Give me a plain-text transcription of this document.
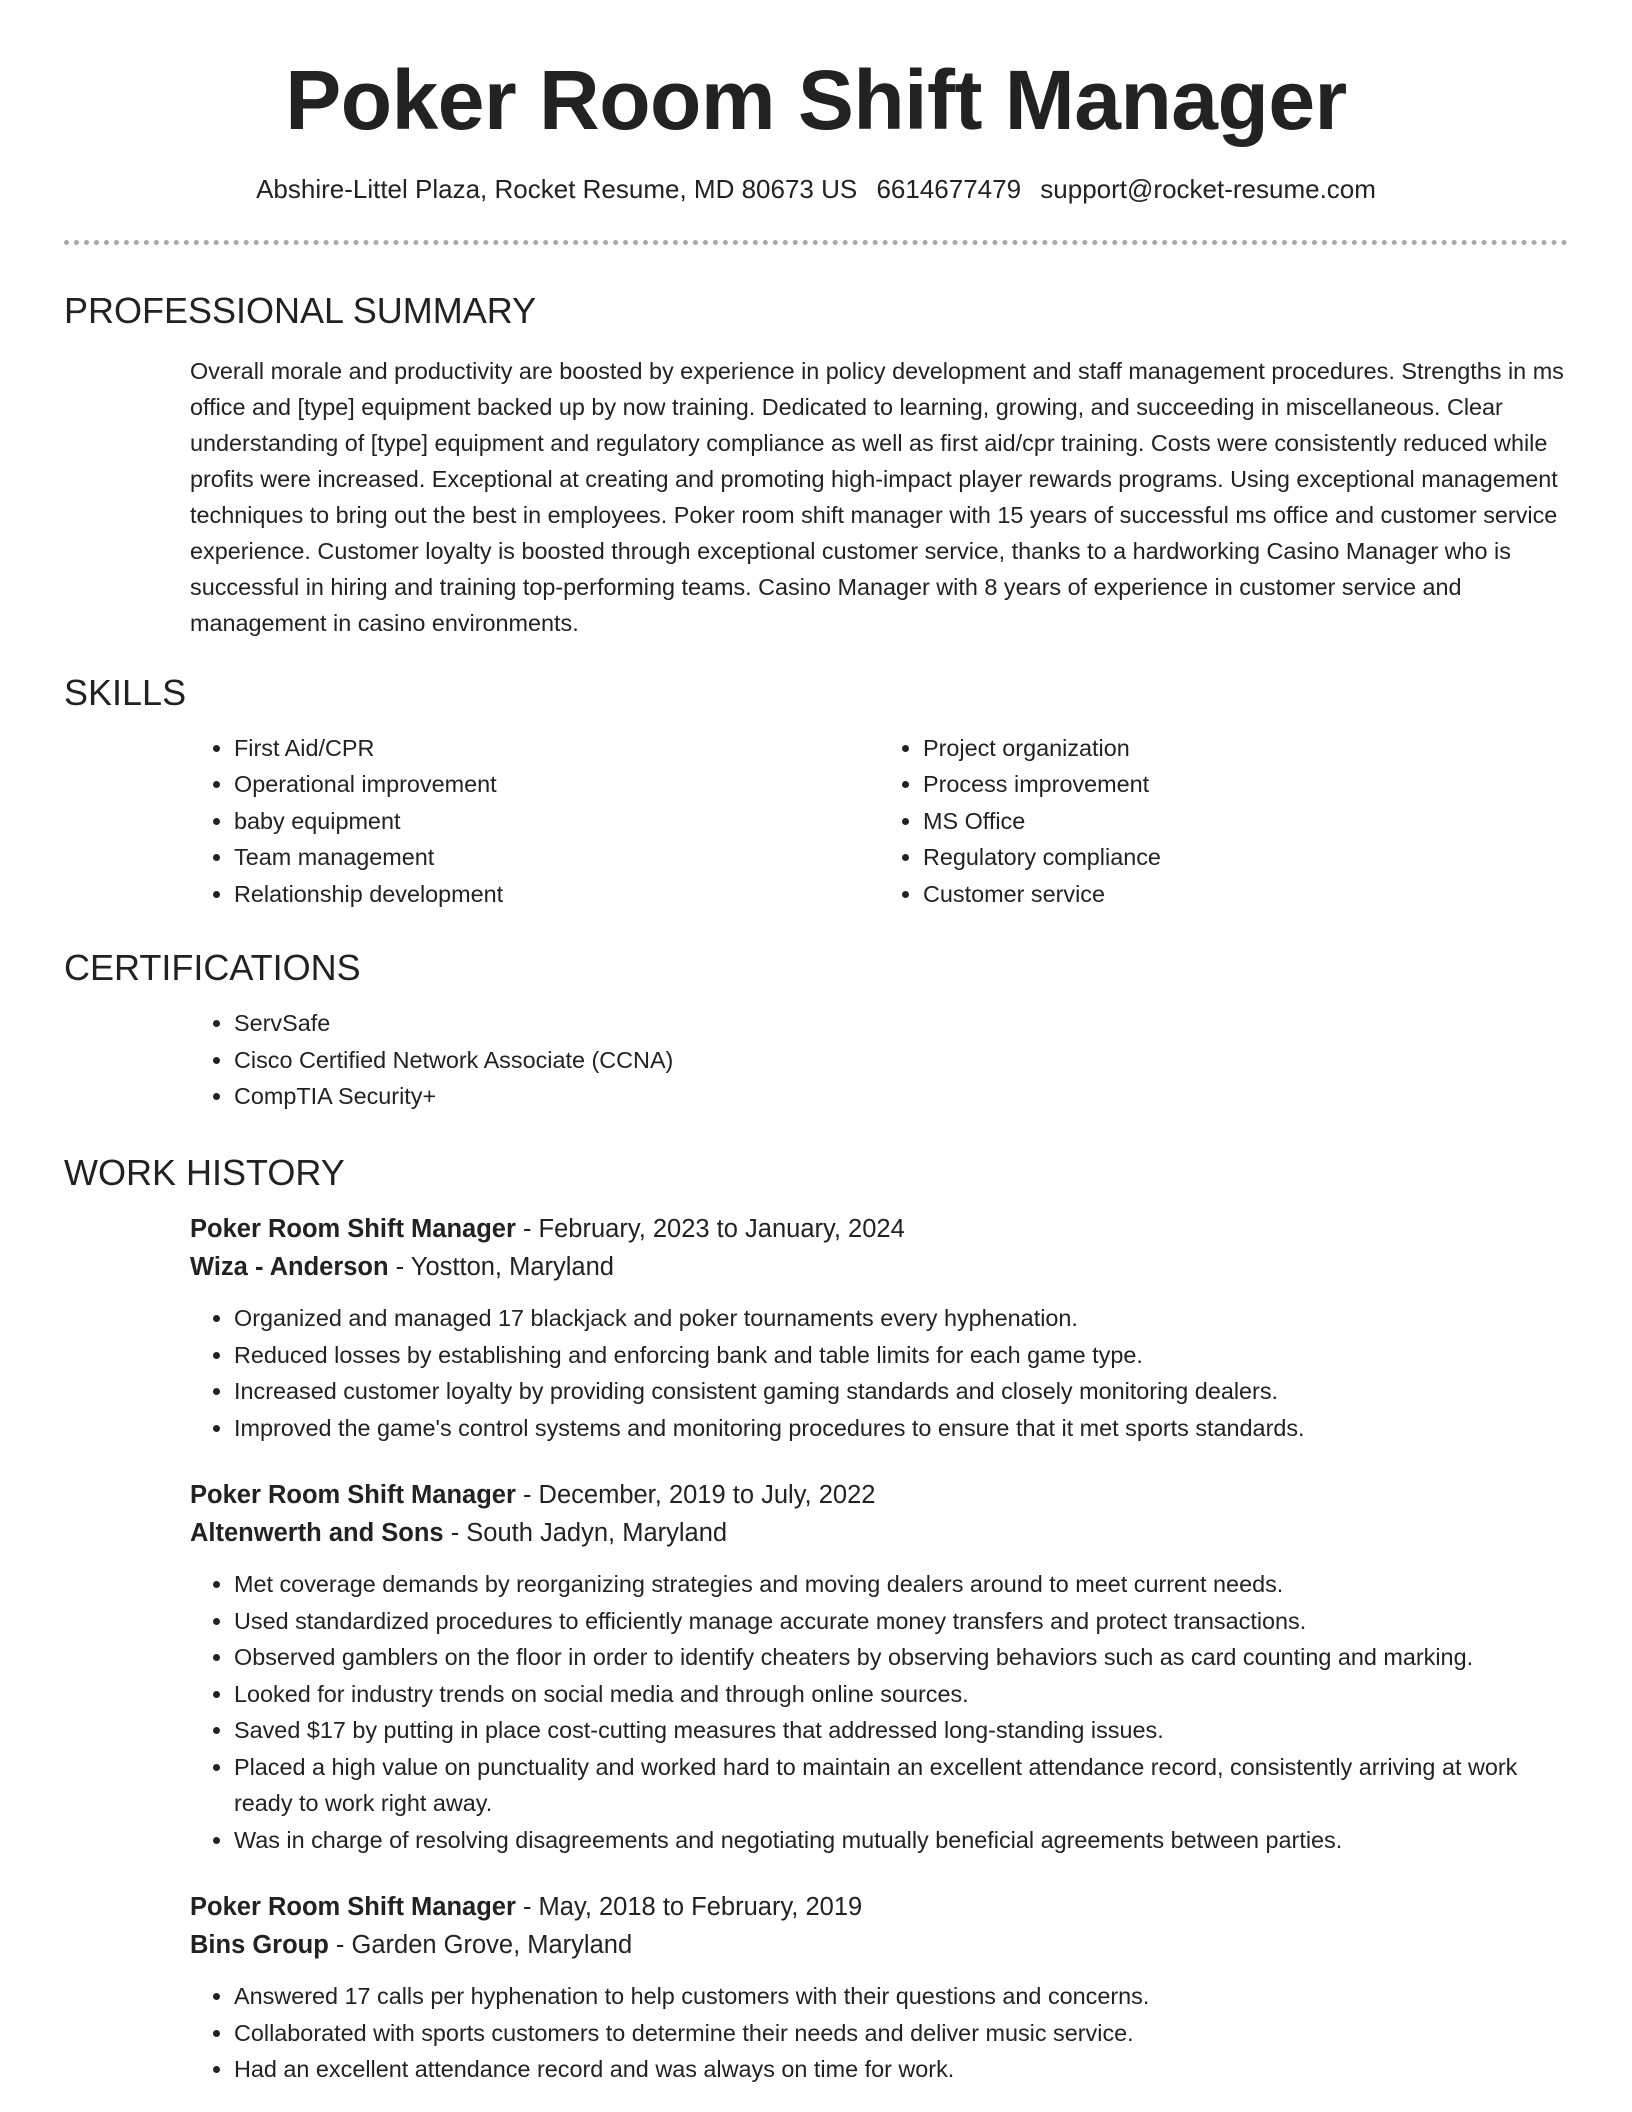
Poker Room Shift Manager
Abshire-Littel Plaza, Rocket Resume, MD 80673 US 6614677479 support@rocket-resume.com
PROFESSIONAL SUMMARY

Overall morale and productivity are boosted by experience in policy development and staff management procedures. Strengths in ms office and [type] equipment backed up by now training. Dedicated to learning, growing, and succeeding in miscellaneous. Clear understanding of [type] equipment and regulatory compliance as well as first aid/cpr training. Costs were consistently reduced while profits were increased. Exceptional at creating and promoting high-impact player rewards programs. Using exceptional management techniques to bring out the best in employees. Poker room shift manager with 15 years of successful ms office and customer service experience. Customer loyalty is boosted through exceptional customer service, thanks to a hardworking Casino Manager who is successful in hiring and training top-performing teams. Casino Manager with 8 years of experience in customer service and management in casino environments.

SKILLS
• First Aid/CPR
• Operational improvement
• baby equipment
• Team management
• Relationship development
• Project organization
• Process improvement
• MS Office
• Regulatory compliance
• Customer service
CERTIFICATIONS
• ServSafe
• Cisco Certified Network Associate (CCNA)
• CompTIA Security+
WORK HISTORY
Poker Room Shift Manager - February, 2023 to January, 2024
Wiza - Anderson - Yostton, Maryland
• Organized and managed 17 blackjack and poker tournaments every hyphenation.
• Reduced losses by establishing and enforcing bank and table limits for each game type.
• Increased customer loyalty by providing consistent gaming standards and closely monitoring dealers.
• Improved the game's control systems and monitoring procedures to ensure that it met sports standards.
Poker Room Shift Manager - December, 2019 to July, 2022
Altenwerth and Sons - South Jadyn, Maryland
• Met coverage demands by reorganizing strategies and moving dealers around to meet current needs.
• Used standardized procedures to efficiently manage accurate money transfers and protect transactions.
• Observed gamblers on the floor in order to identify cheaters by observing behaviors such as card counting and marking.
• Looked for industry trends on social media and through online sources.
• Saved $17 by putting in place cost-cutting measures that addressed long-standing issues.
• Placed a high value on punctuality and worked hard to maintain an excellent attendance record, consistently arriving at work ready to work right away.
• Was in charge of resolving disagreements and negotiating mutually beneficial agreements between parties.
Poker Room Shift Manager - May, 2018 to February, 2019
Bins Group - Garden Grove, Maryland
• Answered 17 calls per hyphenation to help customers with their questions and concerns.
• Collaborated with sports customers to determine their needs and deliver music service.
• Had an excellent attendance record and was always on time for work.
